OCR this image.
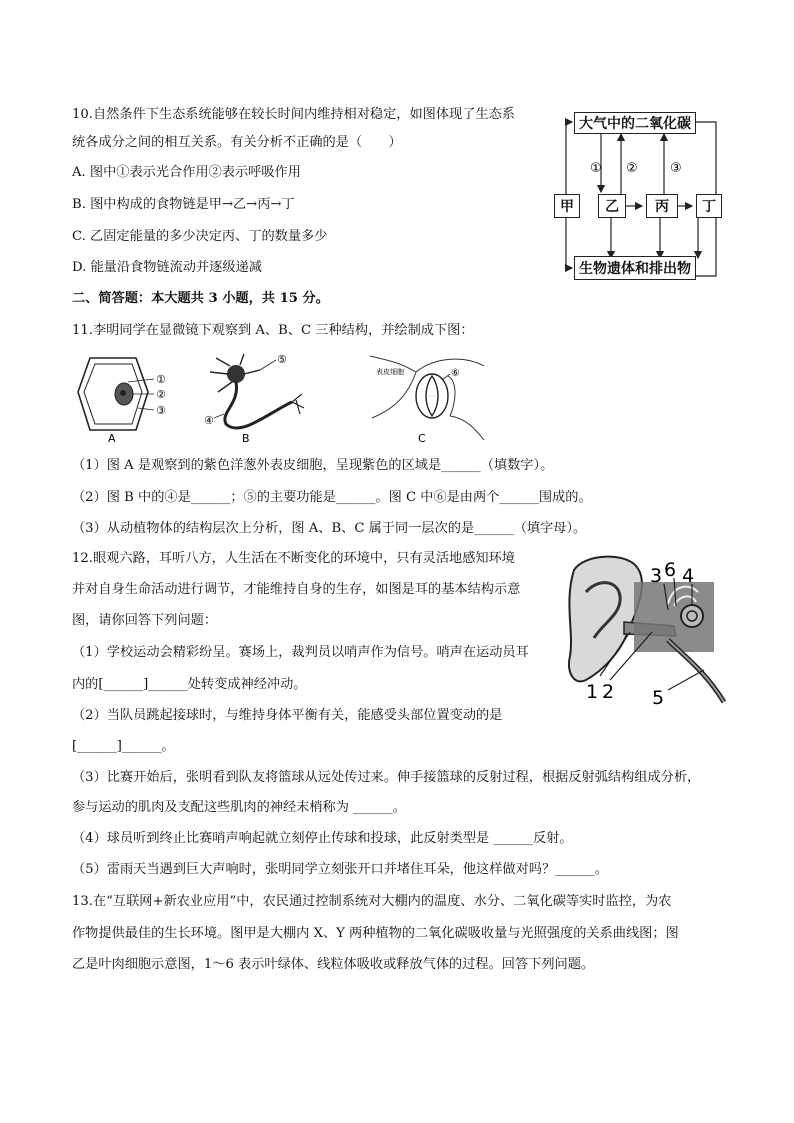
10.自然条件下生态系统能够在较长时间内维持相对稳定，如图体现了生态系
统各成分之间的相互关系。有关分析不正确的是（　　）
A. 图中①表示光合作用②表示呼吸作用
B. 图中构成的食物链是甲→乙→丙→丁
C. 乙固定能量的多少决定丙、丁的数量多少
D. 能量沿食物链流动并逐级递减
① ② ③
大气中的二氧化碳
甲	乙	丙	丁
生物遗体和排出物
二、简答题：本大题共 3 小题，共 15 分。
11.李明同学在显微镜下观察到 A、B、C 三种结构，并绘制成下图：
①
②
③
A
⑤
④
B
表皮细胞	⑥
C
（1）图 A 是观察到的紫色洋葱外表皮细胞，呈现紫色的区域是______（填数字）。
（2）图 B 中的④是______；⑤的主要功能是______。图 C 中⑥是由两个______围成的。
（3）从动植物体的结构层次上分析，图 A、B、C 属于同一层次的是______（填字母）。
12.眼观六路，耳听八方，人生活在不断变化的环境中，只有灵活地感知环境
并对自身生命活动进行调节，才能维持自身的生存，如图是耳的基本结构示意
图，请你回答下列问题：
（1）学校运动会精彩纷呈。赛场上，裁判员以哨声作为信号。哨声在运动员耳
内的[______]______处转变成神经冲动。
（2）当队员跳起接球时，与维持身体平衡有关，能感受头部位置变动的是
[______]______。
（3）比赛开始后，张明看到队友将篮球从远处传过来。伸手接篮球的反射过程，根据反射弧结构组成分析，
参与运动的肌肉及支配这些肌肉的神经末梢称为 ______。
（4）球员听到终止比赛哨声响起就立刻停止传球和投球，此反射类型是 ______反射。
（5）雷雨天当遇到巨大声响时，张明同学立刻张开口并堵住耳朵，他这样做对吗？______。
1 2
3 6 4
5
13.在“互联网+新农业应用”中，农民通过控制系统对大棚内的温度、水分、二氧化碳等实时监控，为农
作物提供最佳的生长环境。图甲是大棚内 X、Y 两种植物的二氧化碳吸收量与光照强度的关系曲线图；图
乙是叶肉细胞示意图，1～6 表示叶绿体、线粒体吸收或释放气体的过程。回答下列问题。
